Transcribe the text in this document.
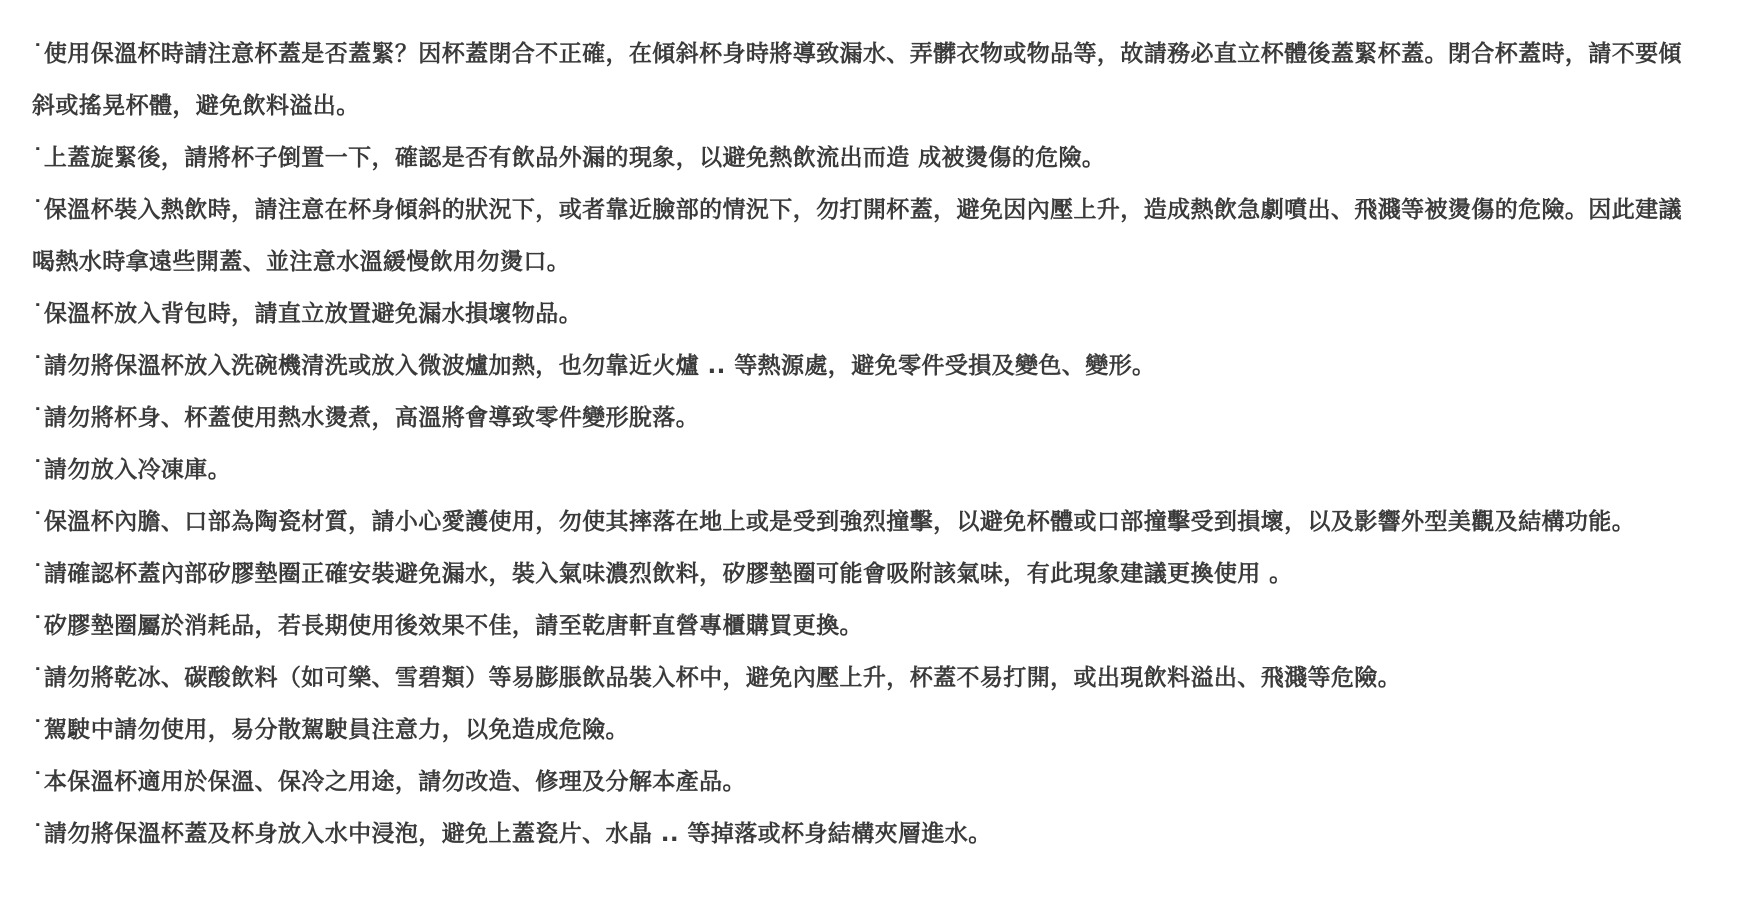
˙使用保溫杯時請注意杯蓋是否蓋緊？因杯蓋閉合不正確，在傾斜杯身時將導致漏水、弄髒衣物或物品等，故請務必直立杯體後蓋緊杯蓋。閉合杯蓋時，請不要傾斜或搖晃杯體，避免飲料溢出。
˙上蓋旋緊後，請將杯子倒置一下，確認是否有飲品外漏的現象，以避免熱飲流出而造 成被燙傷的危險。
˙保溫杯裝入熱飲時，請注意在杯身傾斜的狀況下，或者靠近臉部的情況下，勿打開杯蓋，避免因內壓上升，造成熱飲急劇噴出、飛濺等被燙傷的危險。因此建議喝熱水時拿遠些開蓋、並注意水溫緩慢飲用勿燙口。
˙保溫杯放入背包時，請直立放置避免漏水損壞物品。
˙請勿將保溫杯放入洗碗機清洗或放入微波爐加熱，也勿靠近火爐 .. 等熱源處，避免零件受損及變色、變形。
˙請勿將杯身、杯蓋使用熱水燙煮，高溫將會導致零件變形脫落。
˙請勿放入冷凍庫。
˙保溫杯內膽、口部為陶瓷材質，請小心愛護使用，勿使其摔落在地上或是受到強烈撞擊，以避免杯體或口部撞擊受到損壞，以及影響外型美觀及結構功能。
˙請確認杯蓋內部矽膠墊圈正確安裝避免漏水，裝入氣味濃烈飲料，矽膠墊圈可能會吸附該氣味，有此現象建議更換使用 。
˙矽膠墊圈屬於消耗品，若長期使用後效果不佳，請至乾唐軒直營專櫃購買更換。
˙請勿將乾冰、碳酸飲料（如可樂、雪碧類）等易膨脹飲品裝入杯中，避免內壓上升，杯蓋不易打開，或出現飲料溢出、飛濺等危險。
˙駕駛中請勿使用，易分散駕駛員注意力，以免造成危險。
˙本保溫杯適用於保溫、保冷之用途，請勿改造、修理及分解本產品。
˙請勿將保溫杯蓋及杯身放入水中浸泡，避免上蓋瓷片、水晶 .. 等掉落或杯身結構夾層進水。
